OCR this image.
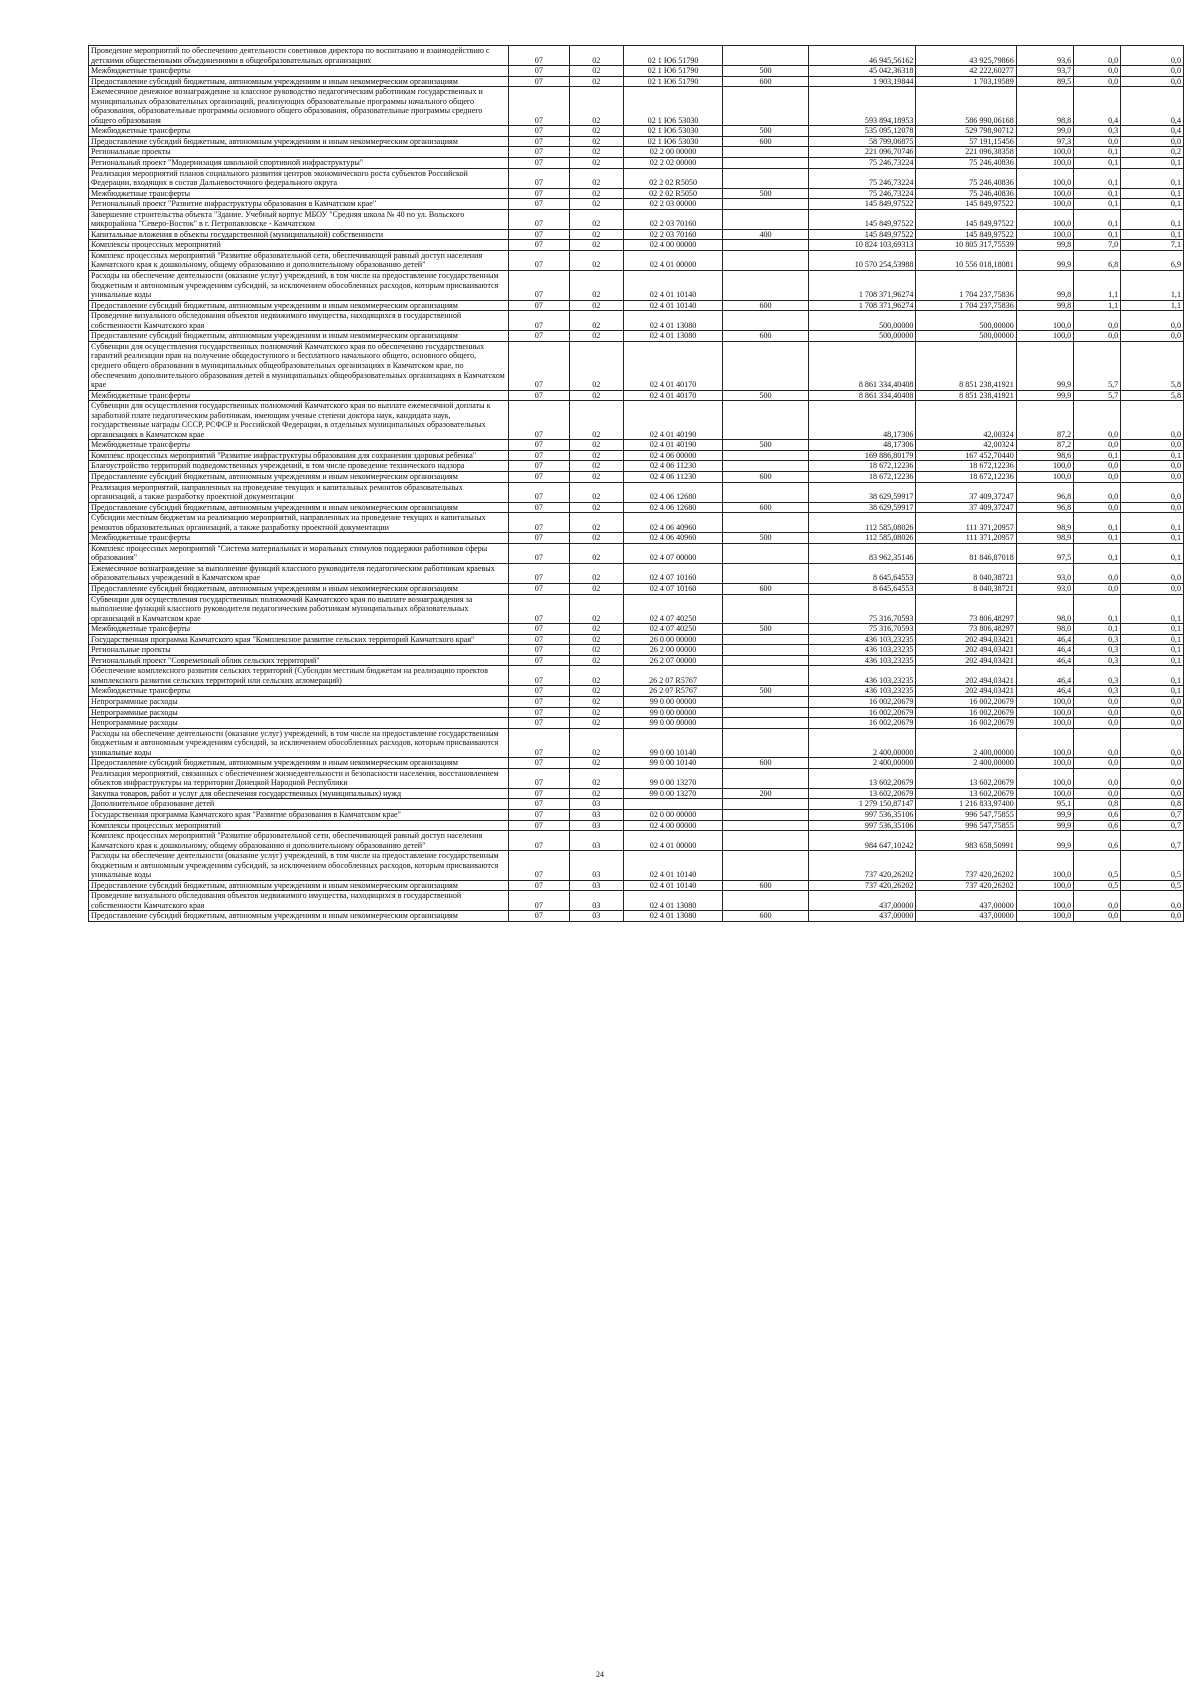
Проведение мероприятий по обеспечению деятельности советников директора по воспитанию и взаимодействию с детскими общественными объединениями в общеобразовательных организациях	07	02	02 1 Ю6 51790		46 945,56162	43 925,79866	93,6	0,0	0,0
Межбюджетные трансферты	07	02	02 1 Ю6 51790	500	45 042,36318	42 222,60277	93,7	0,0	0,0
Предоставление субсидий бюджетным, автономным учреждениям и иным некоммерческим организациям	07	02	02 1 Ю6 51790	600	1 903,19844	1 703,19589	89,5	0,0	0,0
Ежемесячное денежное вознаграждение за классное руководство педагогическим работникам государственных и муниципальных образовательных организаций, реализующих образовательные программы начального общего образования, образовательные программы основного общего образования, образовательные программы среднего общего образования	07	02	02 1 Ю6 53030		593 894,18953	586 990,06168	98,8	0,4	0,4
Межбюджетные трансферты	07	02	02 1 Ю6 53030	500	535 095,12078	529 798,90712	99,0	0,3	0,4
Предоставление субсидий бюджетным, автономным учреждениям и иным некоммерческим организациям	07	02	02 1 Ю6 53030	600	58 799,06875	57 191,15456	97,3	0,0	0,0
Региональные проекты	07	02	02 2 00 00000		221 096,70746	221 096,38358	100,0	0,1	0,2
Региональный проект "Модернизация школьной спортивной инфраструктуры"	07	02	02 2 02 00000		75 246,73224	75 246,40836	100,0	0,1	0,1
Реализация мероприятий планов социального развития центров экономического роста субъектов Российской Федерации, входящих в состав Дальневосточного федерального округа	07	02	02 2 02 R5050		75 246,73224	75 246,40836	100,0	0,1	0,1
Межбюджетные трансферты	07	02	02 2 02 R5050	500	75 246,73224	75 246,40836	100,0	0,1	0,1
Региональный проект "Развитие инфраструктуры образования в Камчатском крае"	07	02	02 2 03 00000		145 849,97522	145 849,97522	100,0	0,1	0,1
Завершение строительства объекта "Здание. Учебный корпус МБОУ "Средняя школа № 40 по ул. Вольского микрорайона "Северо-Восток" в г. Петропавловске - Камчатском	07	02	02 2 03 70160		145 849,97522	145 849,97522	100,0	0,1	0,1
Капитальные вложения в объекты государственной (муниципальной) собственности	07	02	02 2 03 70160	400	145 849,97522	145 849,97522	100,0	0,1	0,1
Комплексы процессных мероприятий	07	02	02 4 00 00000		10 824 103,69313	10 805 317,75539	99,8	7,0	7,1
Комплекс процессных мероприятий "Развитие образовательной сети, обеспечивающей равный доступ населения Камчатского края к дошкольному, общему образованию и дополнительному образованию детей"	07	02	02 4 01 00000		10 570 254,53988	10 556 018,18081	99,9	6,8	6,9
Расходы на обеспечение деятельности (оказание услуг) учреждений, в том числе на предоставление государственным бюджетным и автономным учреждениям субсидий, за исключением обособленных расходов, которым присваиваются уникальные коды	07	02	02 4 01 10140		1 708 371,96274	1 704 237,75836	99,8	1,1	1,1
Предоставление субсидий бюджетным, автономным учреждениям и иным некоммерческим организациям	07	02	02 4 01 10140	600	1 708 371,96274	1 704 237,75836	99,8	1,1	1,1
Проведение визуального обследования объектов недвижимого имущества, находящихся в государственной собственности Камчатского края	07	02	02 4 01 13080		500,00000	500,00000	100,0	0,0	0,0
Предоставление субсидий бюджетным, автономным учреждениям и иным некоммерческим организациям	07	02	02 4 01 13080	600	500,00000	500,00000	100,0	0,0	0,0
Субвенции для осуществления государственных полномочий Камчатского края по обеспечению государственных гарантий реализации прав на получение общедоступного и бесплатного начального общего, основного общего, среднего общего образования в муниципальных общеобразовательных организациях в Камчатском крае, по обеспечению дополнительного образования детей в муниципальных общеобразовательных организациях в Камчатском крае	07	02	02 4 01 40170		8 861 334,40408	8 851 238,41921	99,9	5,7	5,8
Межбюджетные трансферты	07	02	02 4 01 40170	500	8 861 334,40408	8 851 238,41921	99,9	5,7	5,8
Субвенции для осуществления государственных полномочий Камчатского края по выплате ежемесячной доплаты к заработной плате педагогическим работникам, имеющим ученые степени доктора наук, кандидата наук, государственные награды СССР, РСФСР и Российской Федерации, в отдельных муниципальных образовательных организациях в Камчатском крае	07	02	02 4 01 40190		48,17306	42,00324	87,2	0,0	0,0
Межбюджетные трансферты	07	02	02 4 01 40190	500	48,17306	42,00324	87,2	0,0	0,0
Комплекс процессных мероприятий "Развитие инфраструктуры образования для сохранения здоровья ребенка"	07	02	02 4 06 00000		169 886,80179	167 452,70440	98,6	0,1	0,1
Благоустройство территорий подведомственных учреждений, в том числе проведение технического надзора	07	02	02 4 06 11230		18 672,12236	18 672,12236	100,0	0,0	0,0
Предоставление субсидий бюджетным, автономным учреждениям и иным некоммерческим организациям	07	02	02 4 06 11230	600	18 672,12236	18 672,12236	100,0	0,0	0,0
Реализация мероприятий, направленных на проведение текущих и капитальных ремонтов образовательных организаций, а также разработку проектной документации	07	02	02 4 06 12680		38 629,59917	37 409,37247	96,8	0,0	0,0
Предоставление субсидий бюджетным, автономным учреждениям и иным некоммерческим организациям	07	02	02 4 06 12680	600	38 629,59917	37 409,37247	96,8	0,0	0,0
Субсидии местным бюджетам на реализацию мероприятий, направленных на проведение текущих и капитальных ремонтов образовательных организаций, а также разработку проектной документации	07	02	02 4 06 40960		112 585,08026	111 371,20957	98,9	0,1	0,1
Межбюджетные трансферты	07	02	02 4 06 40960	500	112 585,08026	111 371,20957	98,9	0,1	0,1
Комплекс процессных мероприятий "Система материальных и моральных стимулов поддержки работников сферы образования"	07	02	02 4 07 00000		83 962,35146	81 846,87018	97,5	0,1	0,1
Ежемесячное вознаграждение за выполнение функций классного руководителя педагогическим работникам краевых образовательных учреждений в Камчатском крае	07	02	02 4 07 10160		8 645,64553	8 040,38721	93,0	0,0	0,0
Предоставление субсидий бюджетным, автономным учреждениям и иным некоммерческим организациям	07	02	02 4 07 10160	600	8 645,64553	8 040,38721	93,0	0,0	0,0
Субвенции для осуществления государственных полномочий Камчатского края по выплате вознаграждения за выполнение функций классного руководителя педагогическим работникам муниципальных образовательных организаций в Камчатском крае	07	02	02 4 07 40250		75 316,70593	73 806,48297	98,0	0,1	0,1
Межбюджетные трансферты	07	02	02 4 07 40250	500	75 316,70593	73 806,48297	98,0	0,1	0,1
Государственная программа Камчатского края "Комплексное развитие сельских территорий Камчатского края"	07	02	26 0 00 00000		436 103,23235	202 494,03421	46,4	0,3	0,1
Региональные проекты	07	02	26 2 00 00000		436 103,23235	202 494,03421	46,4	0,3	0,1
Региональный проект "Современный облик сельских территорий"	07	02	26 2 07 00000		436 103,23235	202 494,03421	46,4	0,3	0,1
Обеспечение комплексного развития сельских территорий (Субсидии местным бюджетам на реализацию проектов комплексного развития сельских территорий или сельских агломераций)	07	02	26 2 07 R5767		436 103,23235	202 494,03421	46,4	0,3	0,1
Межбюджетные трансферты	07	02	26 2 07 R5767	500	436 103,23235	202 494,03421	46,4	0,3	0,1
Непрограммные расходы	07	02	99 0 00 00000		16 002,20679	16 002,20679	100,0	0,0	0,0
Непрограммные расходы	07	02	99 0 00 00000		16 002,20679	16 002,20679	100,0	0,0	0,0
Непрограммные расходы	07	02	99 0 00 00000		16 002,20679	16 002,20679	100,0	0,0	0,0
Расходы на обеспечение деятельности (оказание услуг) учреждений, в том числе на предоставление государственным бюджетным и автономным учреждениям субсидий, за исключением обособленных расходов, которым присваиваются уникальные коды	07	02	99 0 00 10140		2 400,00000	2 400,00000	100,0	0,0	0,0
Предоставление субсидий бюджетным, автономным учреждениям и иным некоммерческим организациям	07	02	99 0 00 10140	600	2 400,00000	2 400,00000	100,0	0,0	0,0
Реализация мероприятий, связанных с обеспечением жизнедеятельности и безопасности населения, восстановлением объектов инфраструктуры на территории Донецкой Народной Республики	07	02	99 0 00 13270		13 602,20679	13 602,20679	100,0	0,0	0,0
Закупка товаров, работ и услуг для обеспечения государственных (муниципальных) нужд	07	02	99 0 00 13270	200	13 602,20679	13 602,20679	100,0	0,0	0,0
Дополнительное образование детей	07	03			1 279 150,87147	1 216 833,97400	95,1	0,8	0,8
Государственная программа Камчатского края "Развитие образования в Камчатском крае"	07	03	02 0 00 00000		997 536,35106	996 547,75855	99,9	0,6	0,7
Комплексы процессных мероприятий	07	03	02 4 00 00000		997 536,35106	996 547,75855	99,9	0,6	0,7
Комплекс процессных мероприятий "Развитие образовательной сети, обеспечивающей равный доступ населения Камчатского края к дошкольному, общему образованию и дополнительному образованию детей"	07	03	02 4 01 00000		984 647,10242	983 658,50991	99,9	0,6	0,7
Расходы на обеспечение деятельности (оказание услуг) учреждений, в том числе на предоставление государственным бюджетным и автономным учреждениям субсидий, за исключением обособленных расходов, которым присваиваются уникальные коды	07	03	02 4 01 10140		737 420,26202	737 420,26202	100,0	0,5	0,5
Предоставление субсидий бюджетным, автономным учреждениям и иным некоммерческим организациям	07	03	02 4 01 10140	600	737 420,26202	737 420,26202	100,0	0,5	0,5
Проведение визуального обследования объектов недвижимого имущества, находящихся в государственной собственности Камчатского края	07	03	02 4 01 13080		437,00000	437,00000	100,0	0,0	0,0
Предоставление субсидий бюджетным, автономным учреждениям и иным некоммерческим организациям	07	03	02 4 01 13080	600	437,00000	437,00000	100,0	0,0	0,0
24
